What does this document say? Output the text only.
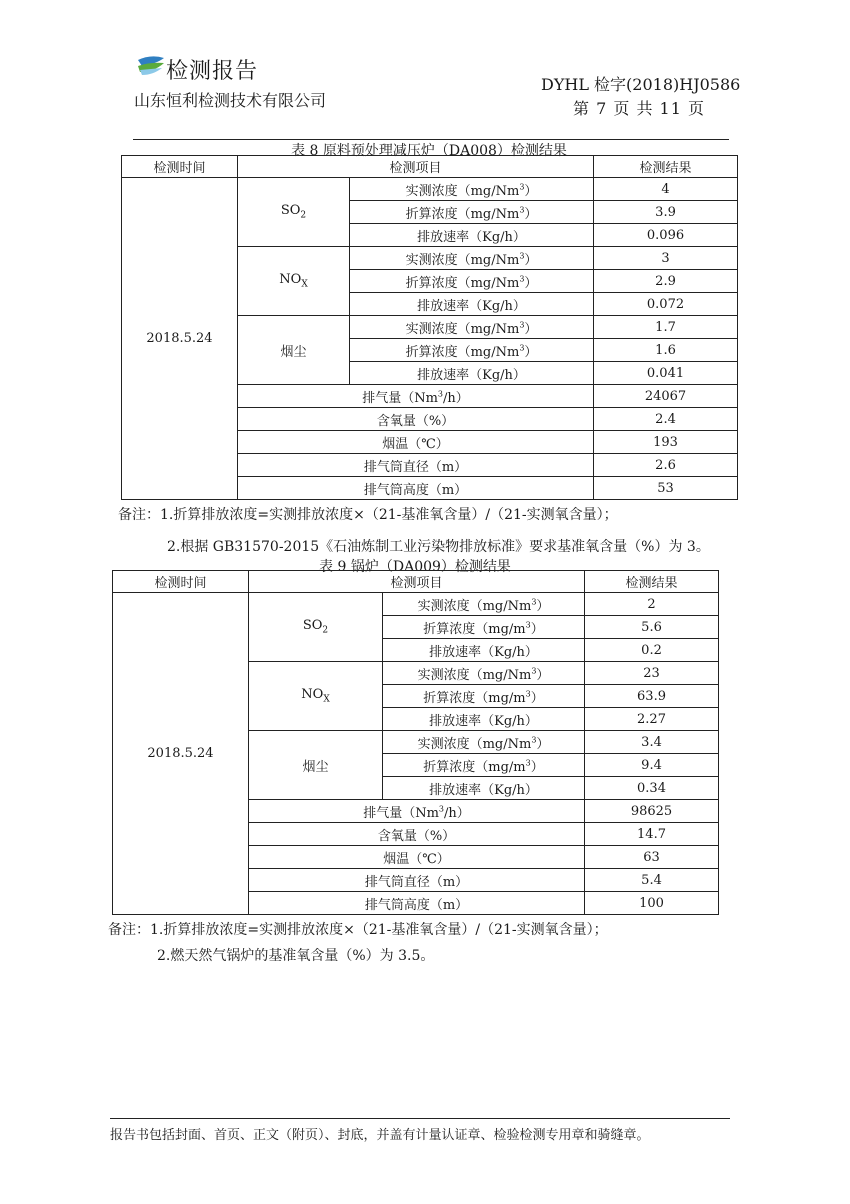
检测报告
山东恒利检测技术有限公司
DYHL 检字(2018)HJ0586
第 7 页 共 11 页
表 8 原料预处理减压炉（DA008）检测结果
检测时间	检测项目		检测结果
2018.5.24	$SO_2$	实测浓度（mg/Nm$^3$）	4
		折算浓度（mg/Nm$^3$）	3.9
		排放速率（Kg/h）	0.096
	$NO_X$	实测浓度（mg/Nm$^3$）	3
		折算浓度（mg/Nm$^3$）	2.9
		排放速率（Kg/h）	0.072
	烟尘	实测浓度（mg/Nm$^3$）	1.7
		折算浓度（mg/Nm$^3$）	1.6
		排放速率（Kg/h）	0.041
	排气量（Nm$^3$/h）		24067
	含氧量（%）		2.4
	烟温（℃）		193
	排气筒直径（m）		2.6
	排气筒高度（m）		53
备注：1.折算排放浓度=实测排放浓度×（21-基准氧含量）/（21-实测氧含量）；
2.根据 GB31570-2015《石油炼制工业污染物排放标准》要求基准氧含量（%）为 3。
表 9 锅炉（DA009）检测结果
检测时间	检测项目		检测结果
2018.5.24	$SO_2$	实测浓度（mg/Nm$^3$）	2
		折算浓度$(mg/m^3)$	5.6
		排放速率（Kg/h）	0.2
	$NO_X$	实测浓度（mg/Nm$^3$）	23
		折算浓度$(mg/m^3)$	63.9
		排放速率（Kg/h）	2.27
	烟尘	实测浓度（mg/Nm$^3$）	3.4
		折算浓度$(mg/m^3)$	9.4
		排放速率（Kg/h）	0.34
	排气量（Nm$^3$/h）		98625
	含氧量（%）		14.7
	烟温（℃）		63
	排气筒直径（m）		5.4
	排气筒高度（m）		100
备注：1.折算排放浓度=实测排放浓度×（21-基准氧含量）/（21-实测氧含量）；
2.燃天然气锅炉的基准氧含量（%）为 3.5。
报告书包括封面、首页、正文（附页）、封底，并盖有计量认证章、检验检测专用章和骑缝章。
